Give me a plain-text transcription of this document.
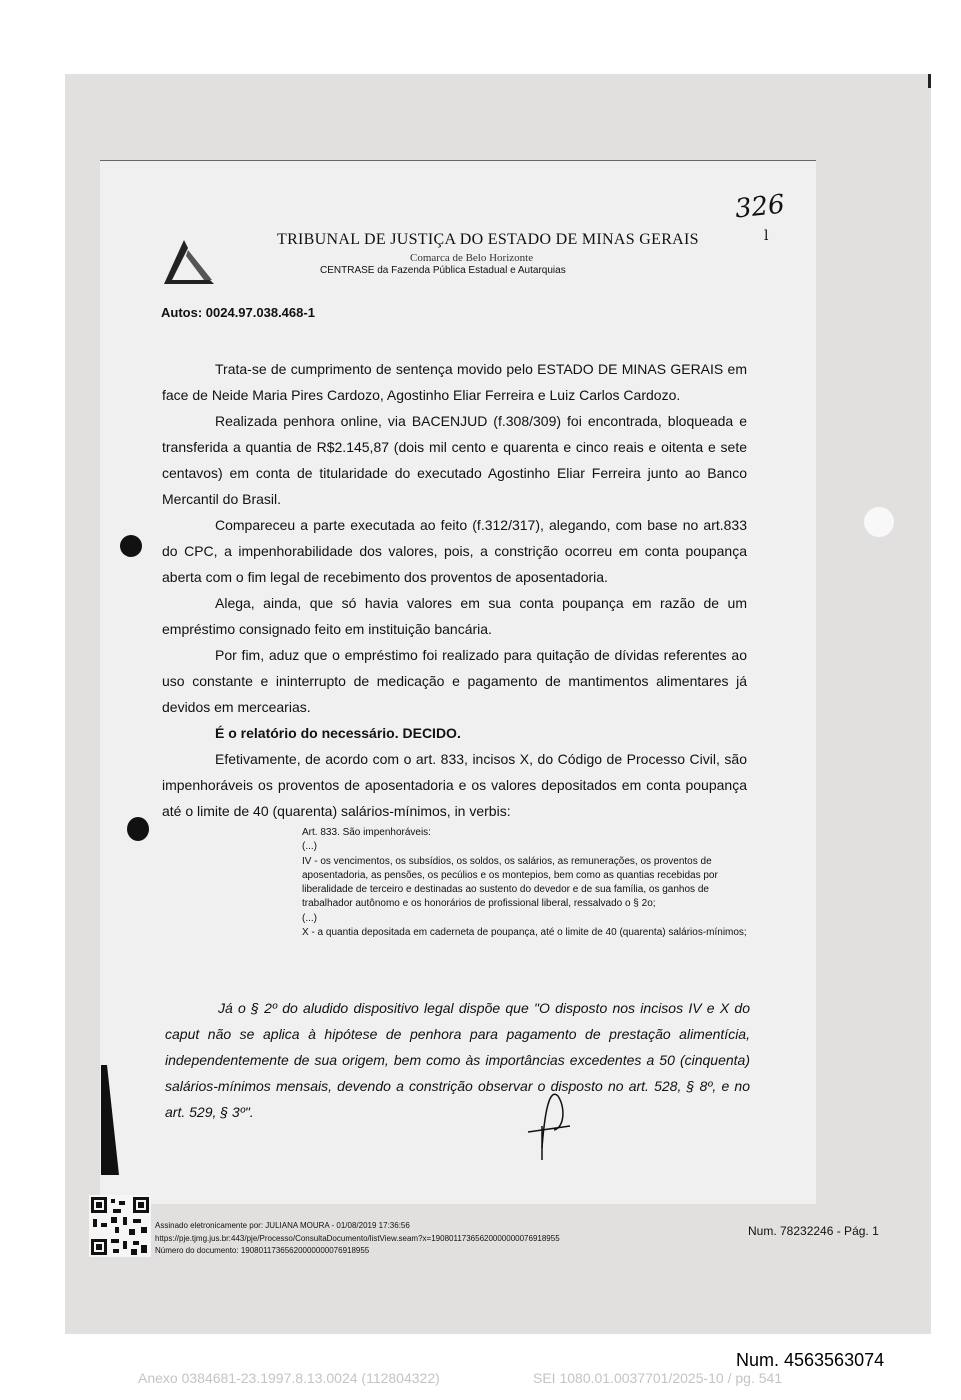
TRIBUNAL DE JUSTIÇA DO ESTADO DE MINAS GERAIS
Comarca de Belo Horizonte
CENTRASE da Fazenda Pública Estadual e Autarquias
326
l
Autos: 0024.97.038.468-1

Trata-se de cumprimento de sentença movido pelo ESTADO DE MINAS GERAIS em face de Neide Maria Pires Cardozo, Agostinho Eliar Ferreira e Luiz Carlos Cardozo.

Realizada penhora online, via BACENJUD (f.308/309) foi encontrada, bloqueada e transferida a quantia de R$2.145,87 (dois mil cento e quarenta e cinco reais e oitenta e sete centavos) em conta de titularidade do executado Agostinho Eliar Ferreira junto ao Banco Mercantil do Brasil.

Compareceu a parte executada ao feito (f.312/317), alegando, com base no art.833 do CPC, a impenhorabilidade dos valores, pois, a constrição ocorreu em conta poupança aberta com o fim legal de recebimento dos proventos de aposentadoria.

Alega, ainda, que só havia valores em sua conta poupança em razão de um empréstimo consignado feito em instituição bancária.

Por fim, aduz que o empréstimo foi realizado para quitação de dívidas referentes ao uso constante e ininterrupto de medicação e pagamento de mantimentos alimentares já devidos em mercearias.

É o relatório do necessário. DECIDO.

Efetivamente, de acordo com o art. 833, incisos X, do Código de Processo Civil, são impenhoráveis os proventos de aposentadoria e os valores depositados em conta poupança até o limite de 40 (quarenta) salários-mínimos, in verbis:

Art. 833. São impenhoráveis:
(...)
IV - os vencimentos, os subsídios, os soldos, os salários, as remunerações, os proventos de aposentadoria, as pensões, os pecúlios e os montepios, bem como as quantias recebidas por liberalidade de terceiro e destinadas ao sustento do devedor e de sua família, os ganhos de trabalhador autônomo e os honorários de profissional liberal, ressalvado o § 2o;
(...)
X - a quantia depositada em caderneta de poupança, até o limite de 40 (quarenta) salários-mínimos;

Já o § 2º do aludido dispositivo legal dispõe que "O disposto nos incisos IV e X do caput não se aplica à hipótese de penhora para pagamento de prestação alimentícia, independentemente de sua origem, bem como às importâncias excedentes a 50 (cinquenta) salários-mínimos mensais, devendo a constrição observar o disposto no art. 528, § 8º, e no art. 529, § 3º".

Assinado eletronicamente por: JULIANA MOURA - 01/08/2019 17:36:56
https://pje.tjmg.jus.br:443/pje/Processo/ConsultaDocumento/listView.seam?x=19080117365620000000076918955
Número do documento: 19080117365620000000076918955
Num. 78232246 - Pág. 1
Num. 4563563074
Anexo 0384681-23.1997.8.13.0024 (112804322)	SEI 1080.01.0037701/2025-10 / pg. 541
